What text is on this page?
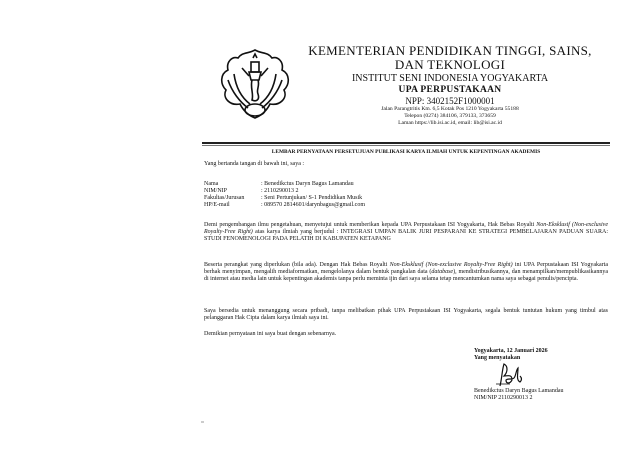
KEMENTERIAN PENDIDIKAN TINGGI, SAINS,
DAN TEKNOLOGI
INSTITUT SENI INDONESIA YOGYAKARTA
UPA PERPUSTAKAAN
NPP: 3402152F1000001
Jalan Parangtritis Km. 6,5 Kotak Pos 1210 Yogyakarta 55188
Telepon (0274) 384106, 379133, 373659
Laman https://lib.isi.ac.id, email: lib@isi.ac.id
LEMBAR PERNYATAAN PERSETUJUAN PUBLIKASI KARYA ILMIAH UNTUK KEPENTINGAN AKADEMIS
Yang bertanda tangan di bawah ini, saya :
Nama	: Benedikctus Daryn Bagus Lamandau
NIM/NIP	: 2110290013 2
Fakultas/Jurusan	: Seni Pertunjukan/ S-1 Pendidikan Musik
HP/E-mail	: 089570 2814601/darynbagus@gmail.com
Demi pengembangan ilmu pengetahuan, menyetujui untuk memberikan kepada UPA Perpustakaan ISI Yogyakarta, Hak Bebas Royalti Non-Eksklusif (Non-exclusive Royalty-Free Right) atas karya ilmiah yang berjudul : INTEGRASI UMPAN BALIK JURI PESPARANI KE STRATEGI PEMBELAJARAN PADUAN SUARA: STUDI FENOMENOLOGI PADA PELATIH DI KABUPATEN KETAPANG
Beserta perangkat yang diperlukan (bila ada). Dengan Hak Bebas Royalti Non-Eksklusif (Non-exclusive Royalty-Free Right) ini UPA Perpustakaan ISI Yogyakarta berhak menyimpan, mengalih mediaformatkan, mengelolanya dalam bentuk pangkalan data (database), mendistribusikannya, dan menampilkan/mempublikasikannya di internet atau media lain untuk kepentingan akademis tanpa perlu meminta ijin dari saya selama tetap mencantumkan nama saya sebagai penulis/pencipta.
Saya bersedia untuk menanggung secara pribadi, tanpa melibatkan pihak UPA Perpustakaan ISI Yogyakarta, segala bentuk tuntutan hukum yang timbul atas pelanggaran Hak Cipta dalam karya ilmiah saya ini.
Demikian pernyataan ini saya buat dengan sebenarnya.
Yogyakarta, 12 Januari 2026
Yang menyatakan
Benedikctus Daryn Bagus Lamandau
NIM/NIP 2110290013 2
